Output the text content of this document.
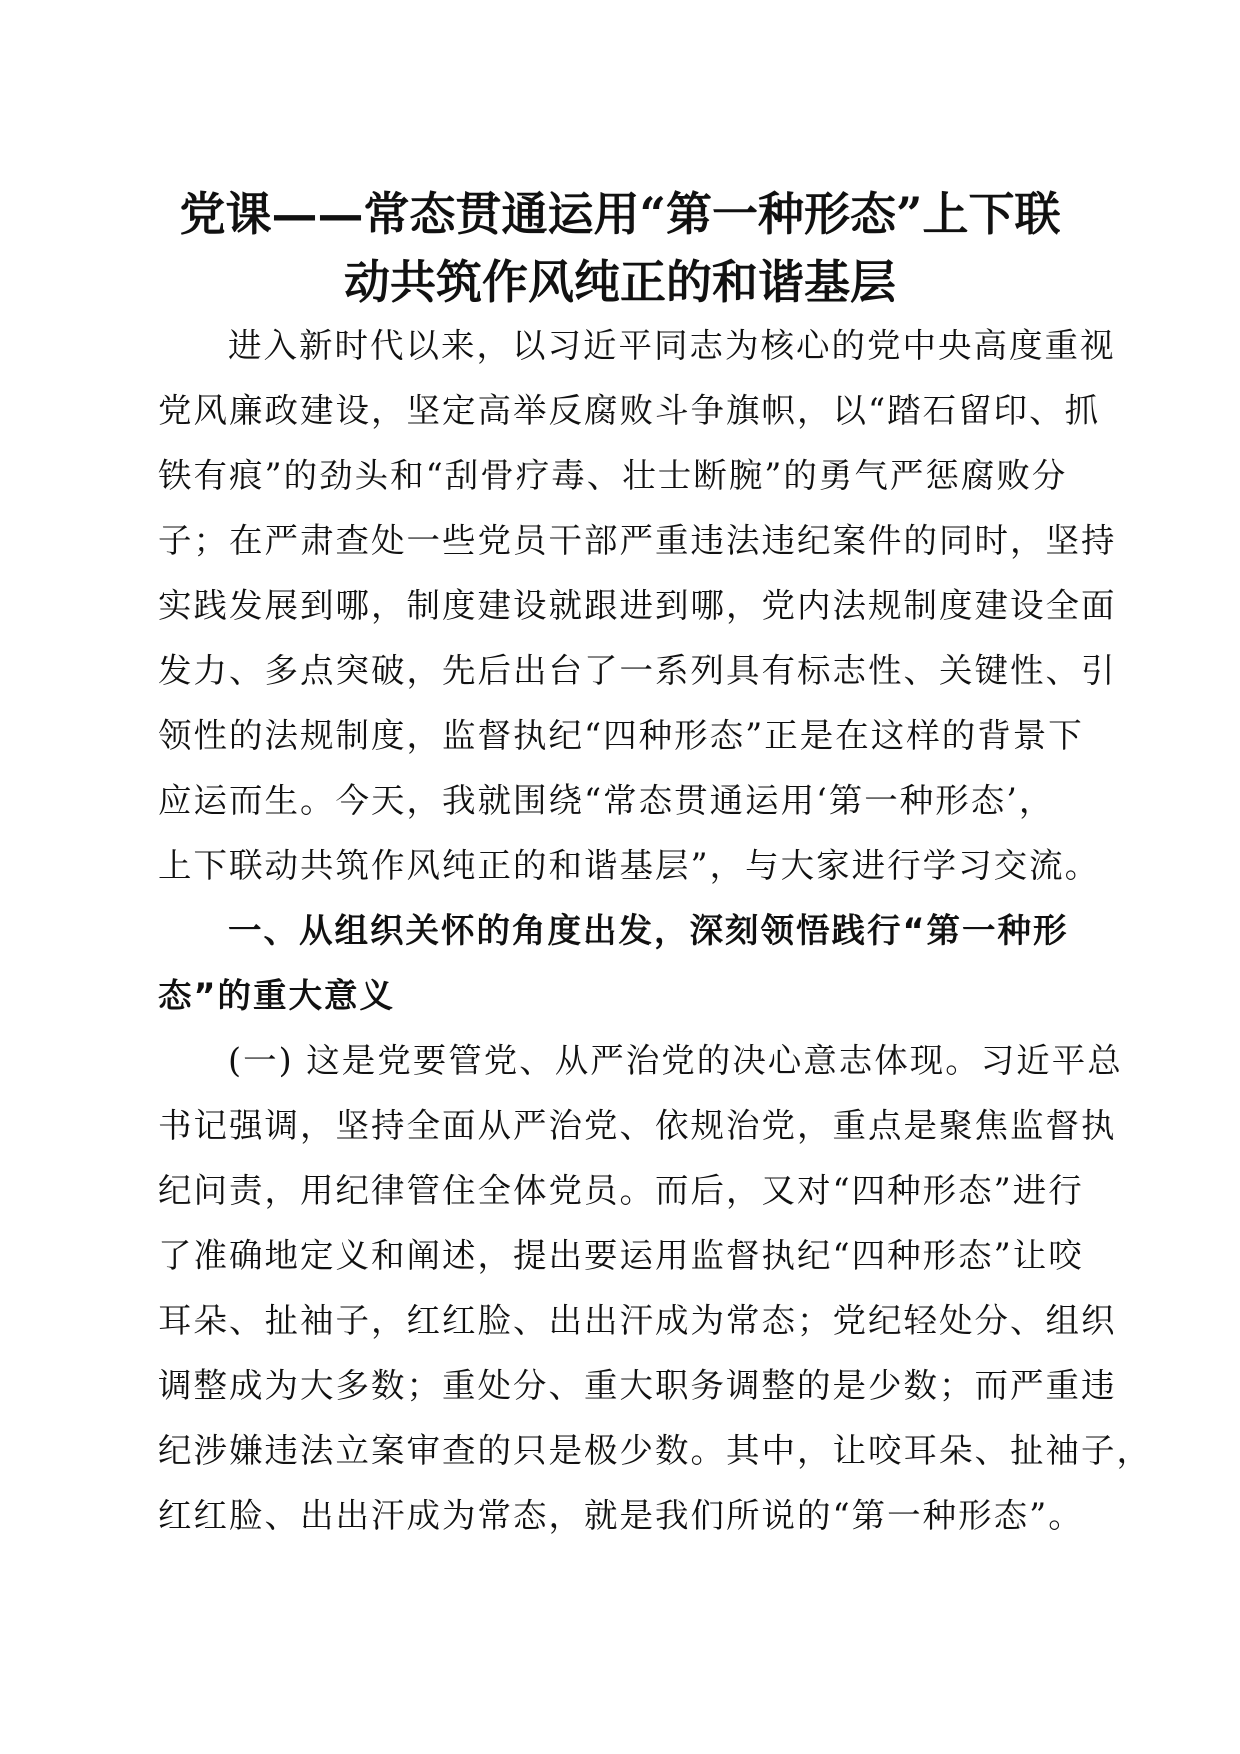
党课——常态贯通运用“第一种形态”上下联
动共筑作风纯正的和谐基层
进入新时代以来，以习近平同志为核心的党中央高度重视
党风廉政建设，坚定高举反腐败斗争旗帜，以“踏石留印、抓
铁有痕”的劲头和“刮骨疗毒、壮士断腕”的勇气严惩腐败分
子；在严肃查处一些党员干部严重违法违纪案件的同时，坚持
实践发展到哪，制度建设就跟进到哪，党内法规制度建设全面
发力、多点突破，先后出台了一系列具有标志性、关键性、引
领性的法规制度，监督执纪“四种形态”正是在这样的背景下
应运而生。今天，我就围绕“常态贯通运用‘第一种形态’，
上下联动共筑作风纯正的和谐基层”，与大家进行学习交流。
一、从组织关怀的角度出发，深刻领悟践行“第一种形
态”的重大意义
(一) 这是党要管党、从严治党的决心意志体现。习近平总
书记强调，坚持全面从严治党、依规治党，重点是聚焦监督执
纪问责，用纪律管住全体党员。而后，又对“四种形态”进行
了准确地定义和阐述，提出要运用监督执纪“四种形态”让咬
耳朵、扯袖子，红红脸、出出汗成为常态；党纪轻处分、组织
调整成为大多数；重处分、重大职务调整的是少数；而严重违
纪涉嫌违法立案审查的只是极少数。其中，让咬耳朵、扯袖子，
红红脸、出出汗成为常态，就是我们所说的“第一种形态”。
